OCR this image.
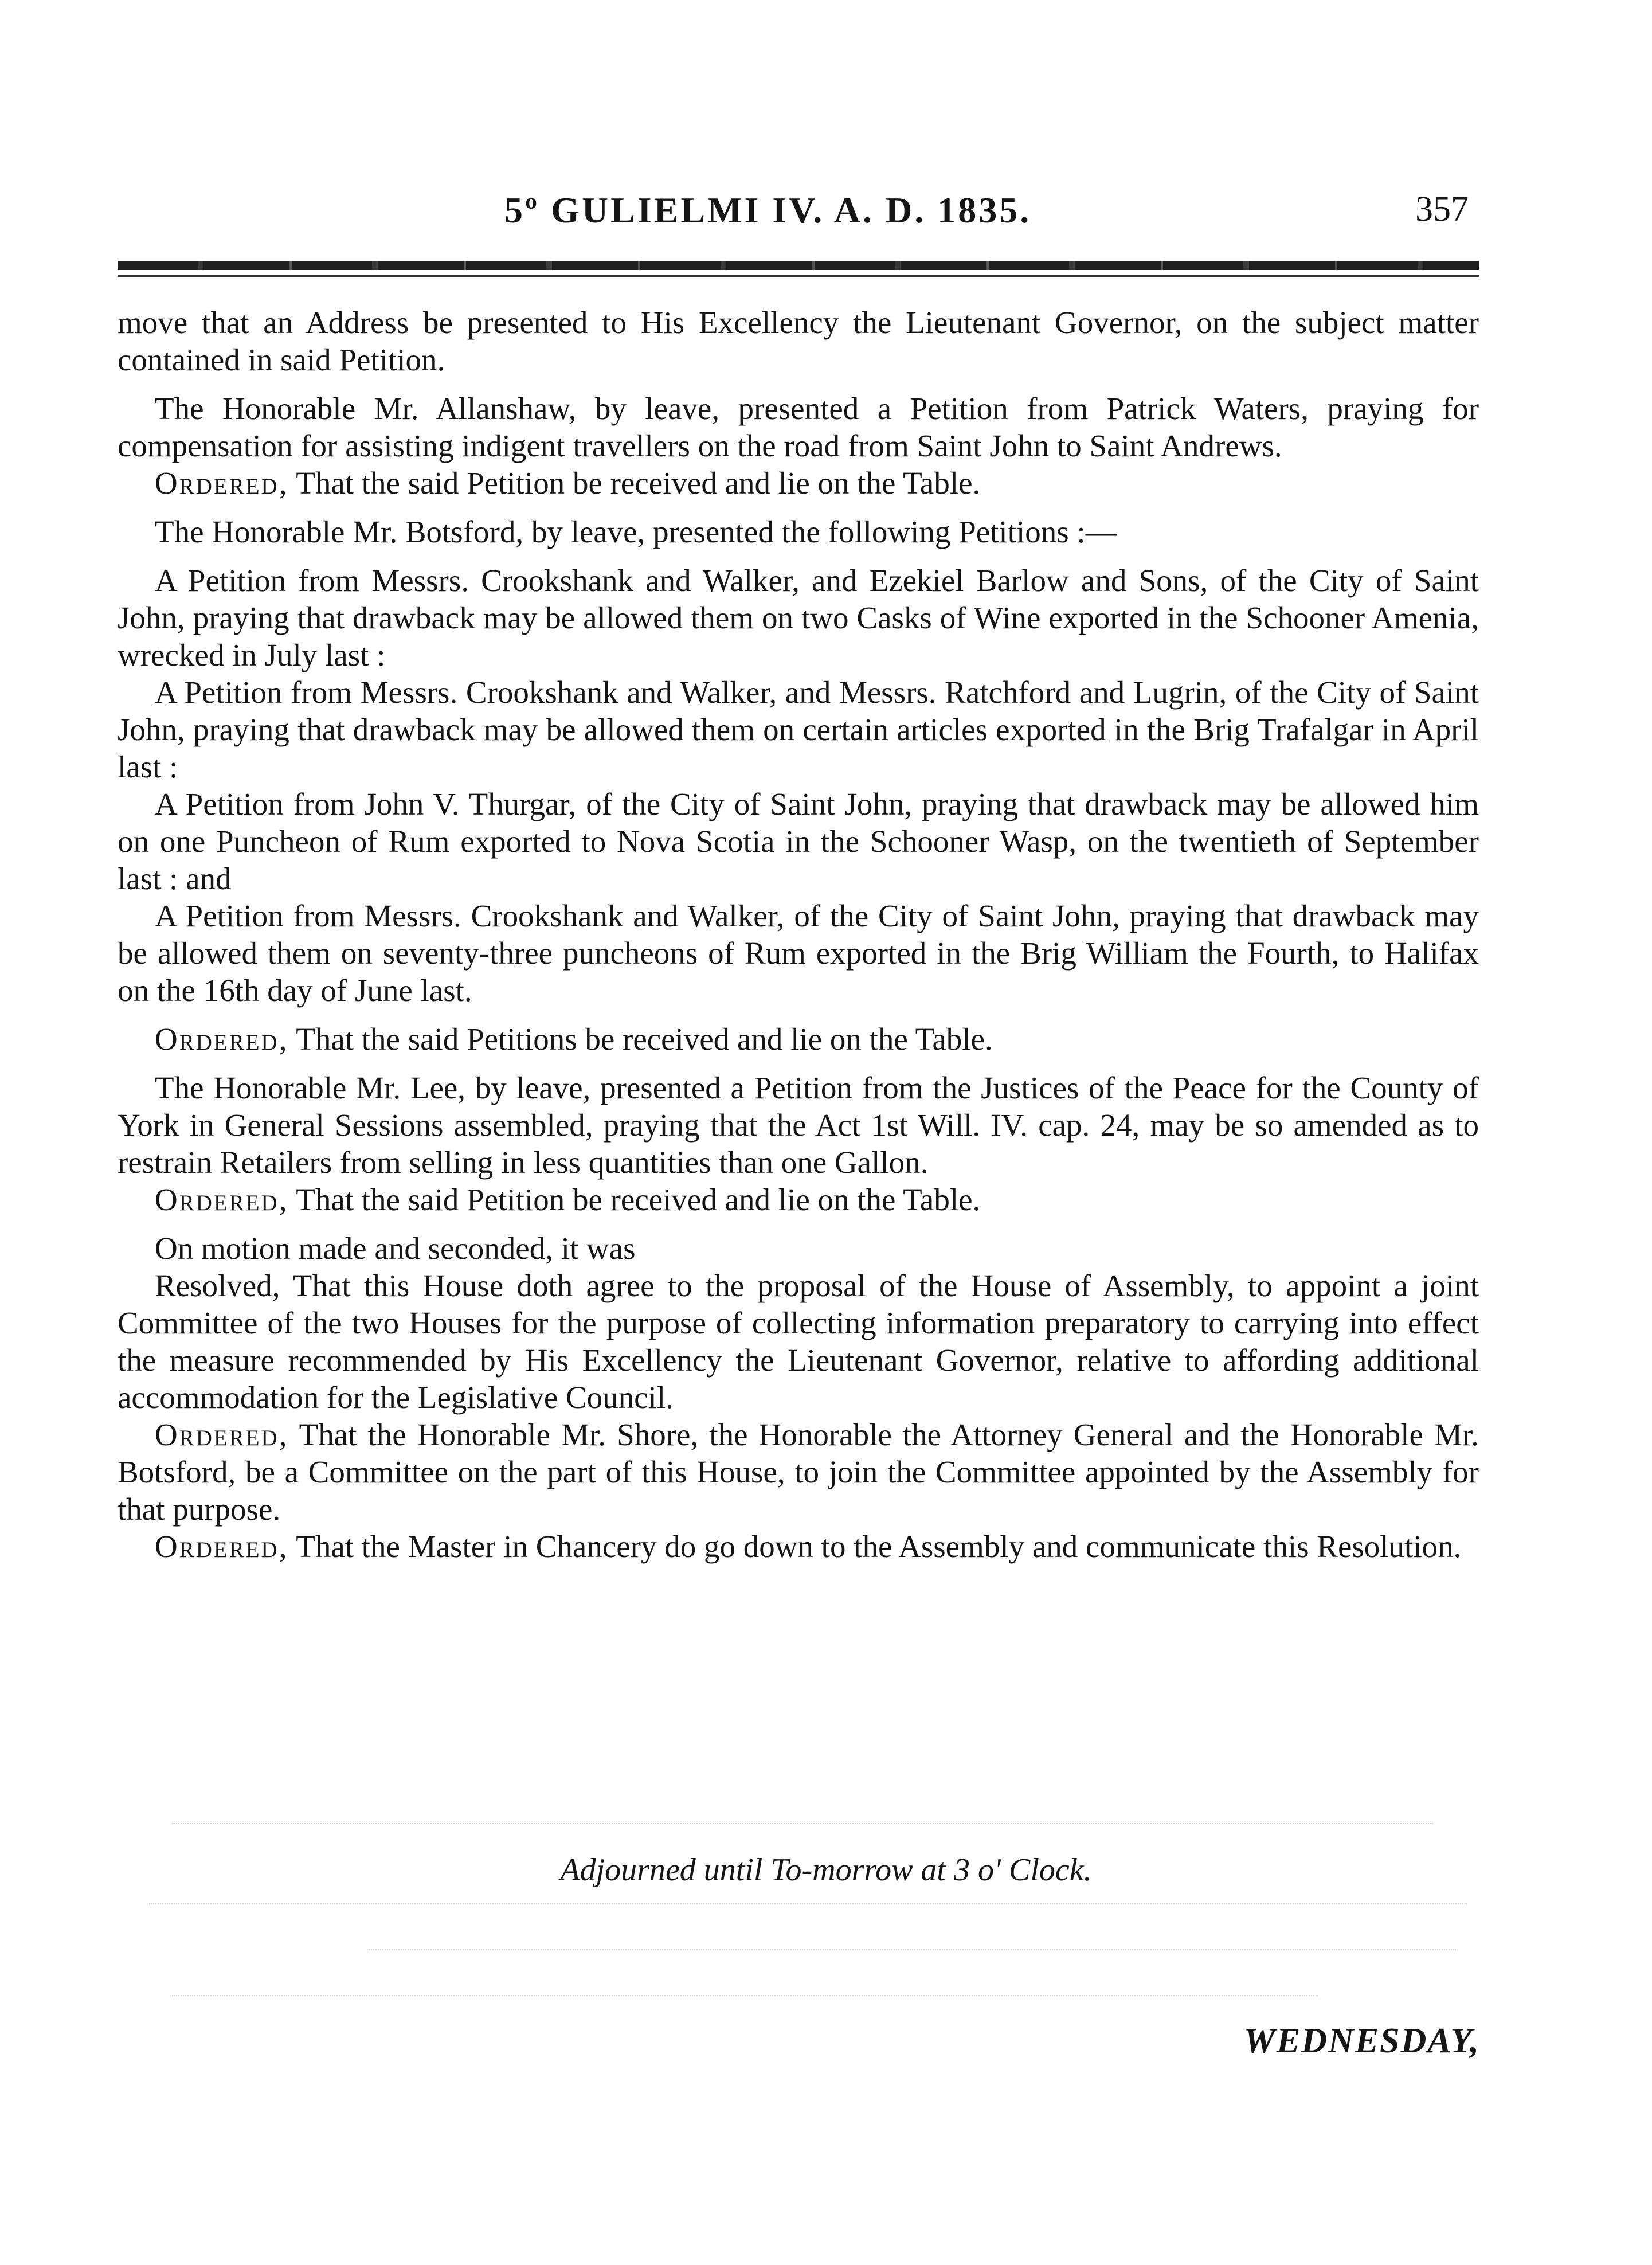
5º GULIELMI IV. A. D. 1835.	357

move that an Address be presented to His Excellency the Lieutenant Governor, on the subject matter contained in said Petition.

The Honorable Mr. Allanshaw, by leave, presented a Petition from Patrick Waters, praying for compensation for assisting indigent travellers on the road from Saint John to Saint Andrews.

Ordered, That the said Petition be received and lie on the Table.

The Honorable Mr. Botsford, by leave, presented the following Petitions :—

A Petition from Messrs. Crookshank and Walker, and Ezekiel Barlow and Sons, of the City of Saint John, praying that drawback may be allowed them on two Casks of Wine exported in the Schooner Amenia, wrecked in July last :

A Petition from Messrs. Crookshank and Walker, and Messrs. Ratchford and Lugrin, of the City of Saint John, praying that drawback may be allowed them on certain articles exported in the Brig Trafalgar in April last :

A Petition from John V. Thurgar, of the City of Saint John, praying that drawback may be allowed him on one Puncheon of Rum exported to Nova Scotia in the Schooner Wasp, on the twentieth of September last : and

A Petition from Messrs. Crookshank and Walker, of the City of Saint John, praying that drawback may be allowed them on seventy-three puncheons of Rum exported in the Brig William the Fourth, to Halifax on the 16th day of June last.

Ordered, That the said Petitions be received and lie on the Table.

The Honorable Mr. Lee, by leave, presented a Petition from the Justices of the Peace for the County of York in General Sessions assembled, praying that the Act 1st Will. IV. cap. 24, may be so amended as to restrain Retailers from selling in less quantities than one Gallon.

Ordered, That the said Petition be received and lie on the Table.

On motion made and seconded, it was

Resolved, That this House doth agree to the proposal of the House of Assembly, to appoint a joint Committee of the two Houses for the purpose of collecting information preparatory to carrying into effect the measure recommended by His Excellency the Lieutenant Governor, relative to affording additional accommodation for the Legislative Council.

Ordered, That the Honorable Mr. Shore, the Honorable the Attorney General and the Honorable Mr. Botsford, be a Committee on the part of this House, to join the Committee appointed by the Assembly for that purpose.

Ordered, That the Master in Chancery do go down to the Assembly and communicate this Resolution.

Adjourned until To-morrow at 3 o' Clock.
WEDNESDAY,
